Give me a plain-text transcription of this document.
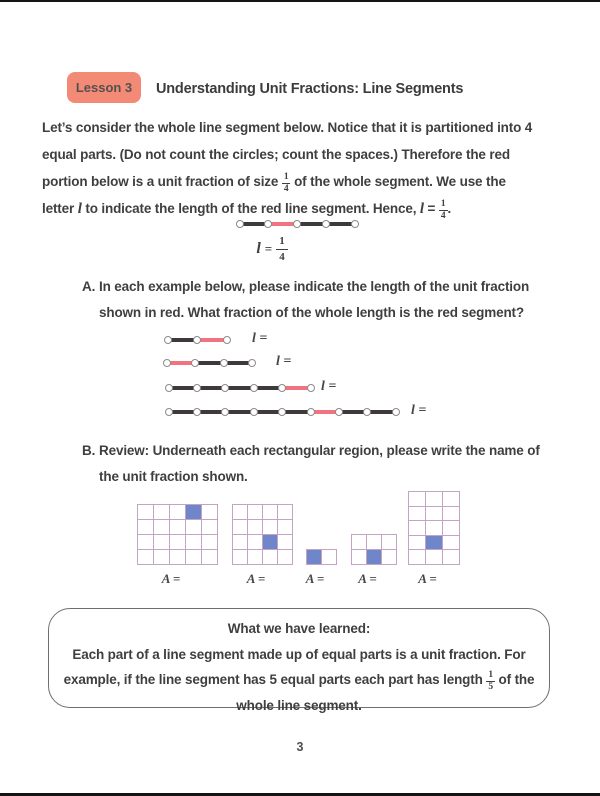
Lesson 3 Understanding Unit Fractions: Line Segments
Let’s consider the whole line segment below. Notice that it is partitioned into 4
equal parts. (Do not count the circles; count the spaces.) Therefore the red
portion below is a unit fraction of size $\frac{1}{4}$ of the whole segment. We use the
letter l to indicate the length of the red line segment. Hence, $l = \frac{1}{4}$ .
l =
l =
l =
l =
$l = \frac{1}{4}$
A. In each example below, please indicate the length of the unit fraction
shown in red. What fraction of the whole length is the red segment?
B. Review: Underneath each rectangular region, please write the name of
the unit fraction shown.
A =	A =	A =	A =	A =
What we have learned:
Each part of a line segment made up of equal parts is a unit fraction. For
example, if the line segment has 5 equal parts each part has length $\frac{1}{5}$ of the
whole line segment.
3
